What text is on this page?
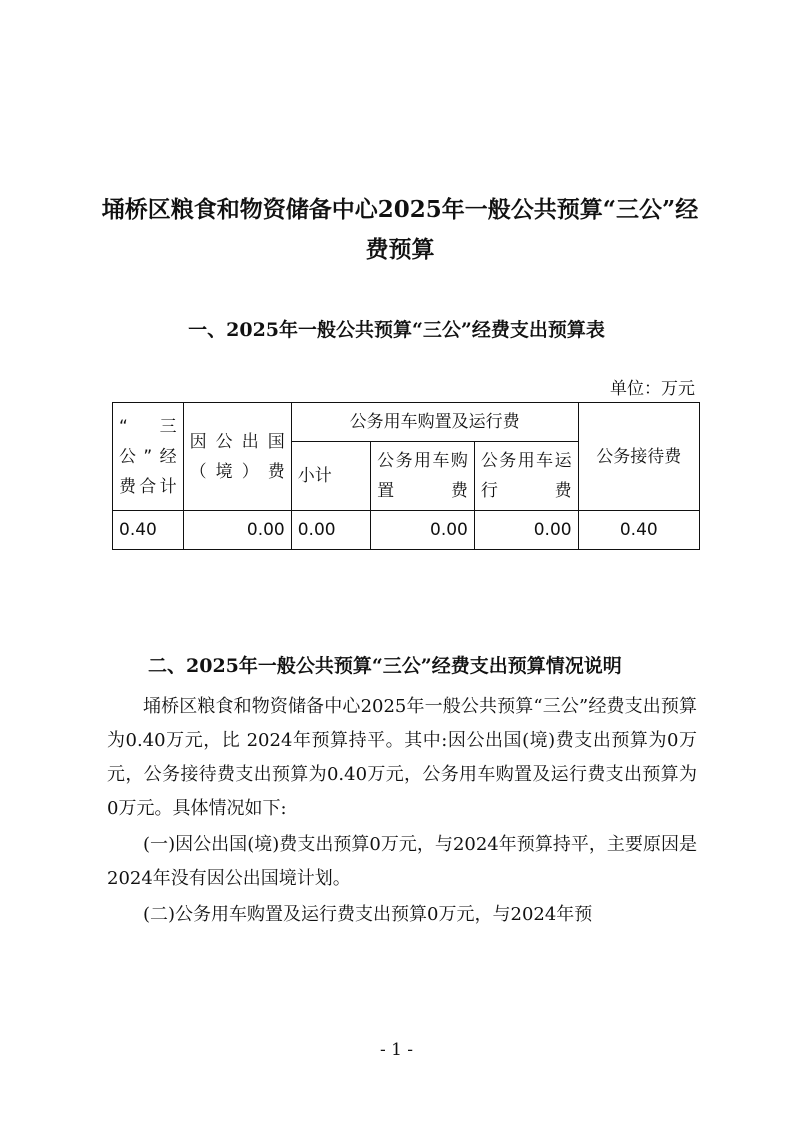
埇桥区粮食和物资储备中心2025年一般公共预算“三公”经费预算
一、2025年一般公共预算“三公”经费支出预算表
单位：万元
“三公”经费合计	因公出国（境）费	公务用车购置及运行费			公务接待费
		小计	公务用车购置费	公务用车运行费	
0.40	0.00	0.00	0.00	0.00	0.40
二、2025年一般公共预算“三公”经费支出预算情况说明

埇桥区粮食和物资储备中心2025年一般公共预算“三公”经费支出预算为0.40万元，比 2024年预算持平。其中:因公出国(境)费支出预算为0万元，公务接待费支出预算为0.40万元，公务用车购置及运行费支出预算为0万元。具体情况如下:

(一)因公出国(境)费支出预算0万元，与2024年预算持平，主要原因是2024年没有因公出国境计划。

(二)公务用车购置及运行费支出预算0万元，与2024年预

- 1 -
